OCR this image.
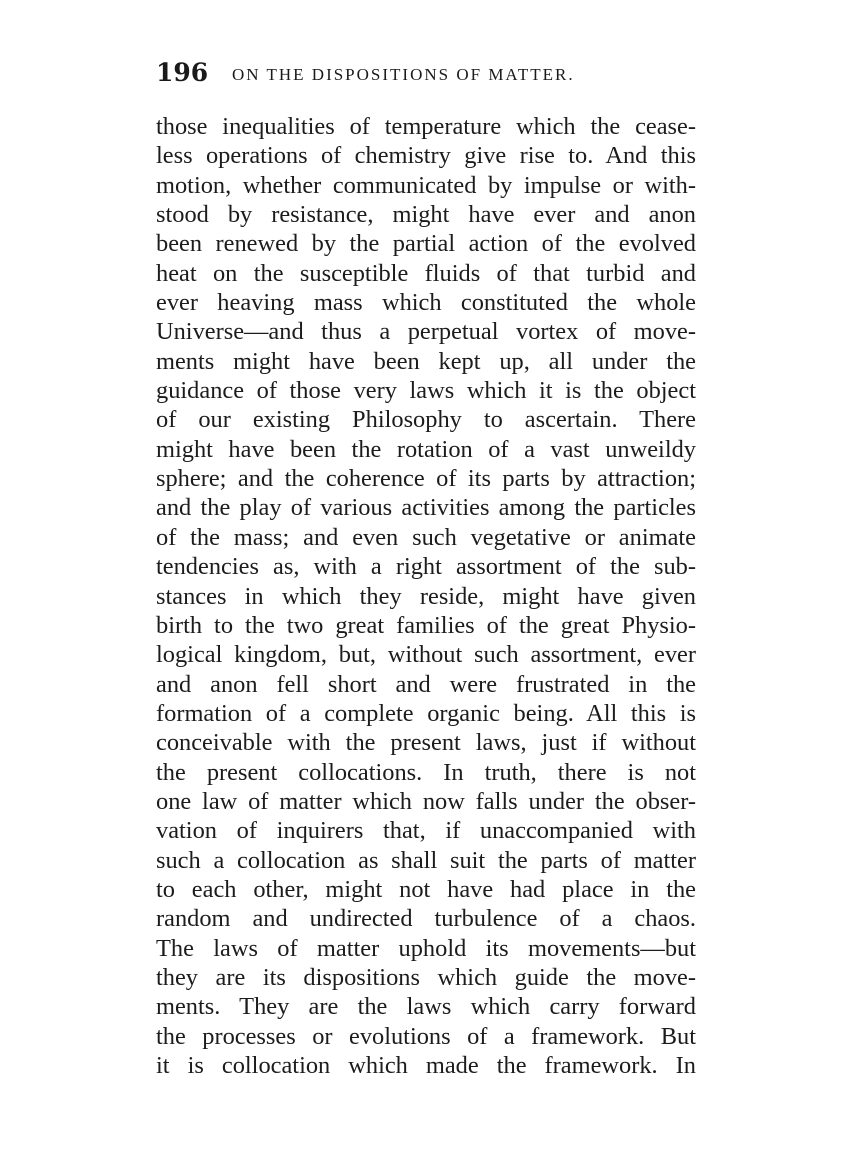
196 ON THE DISPOSITIONS OF MATTER.
those inequalities of temperature which the cease-
less operations of chemistry give rise to. And this
motion, whether communicated by impulse or with-
stood by resistance, might have ever and anon
been renewed by the partial action of the evolved
heat on the susceptible fluids of that turbid and
ever heaving mass which constituted the whole
Universe—and thus a perpetual vortex of move-
ments might have been kept up, all under the
guidance of those very laws which it is the object
of our existing Philosophy to ascertain. There
might have been the rotation of a vast unweildy
sphere; and the coherence of its parts by attraction;
and the play of various activities among the particles
of the mass; and even such vegetative or animate
tendencies as, with a right assortment of the sub-
stances in which they reside, might have given
birth to the two great families of the great Physio-
logical kingdom, but, without such assortment, ever
and anon fell short and were frustrated in the
formation of a complete organic being. All this is
conceivable with the present laws, just if without
the present collocations. In truth, there is not
one law of matter which now falls under the obser-
vation of inquirers that, if unaccompanied with
such a collocation as shall suit the parts of matter
to each other, might not have had place in the
random and undirected turbulence of a chaos.
The laws of matter uphold its movements—but
they are its dispositions which guide the move-
ments. They are the laws which carry forward
the processes or evolutions of a framework. But
it is collocation which made the framework. In
